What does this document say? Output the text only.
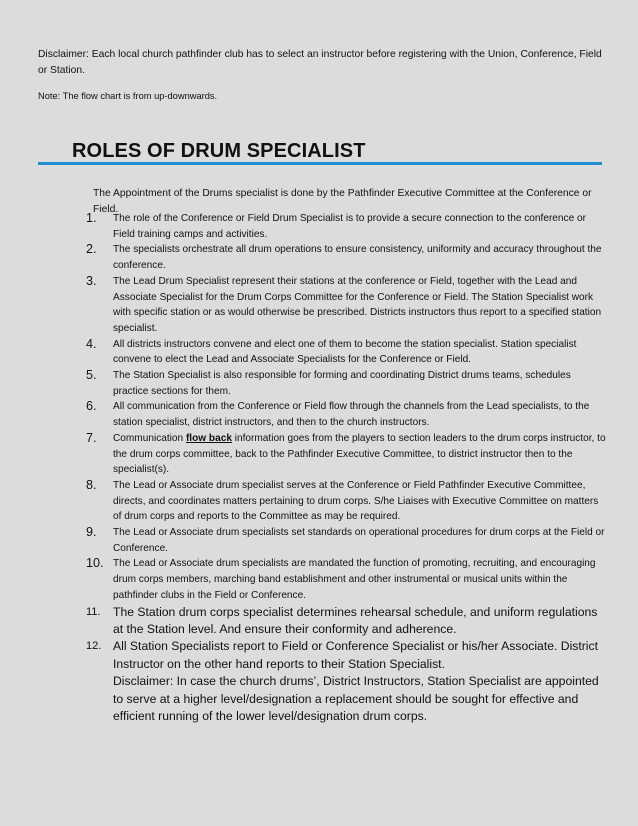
Disclaimer: Each local church pathfinder club has to select an instructor before registering with the Union, Conference, Field or Station.
Note: The flow chart is from up-downwards.
ROLES OF DRUM SPECIALIST
The Appointment of the Drums specialist is done by the Pathfinder Executive Committee at the Conference or Field.
1.	The role of the Conference or Field Drum Specialist is to provide a secure connection to the conference or Field training camps and activities.
2.	The specialists orchestrate all drum operations to ensure consistency, uniformity and accuracy throughout the conference.
3.	The Lead Drum Specialist represent their stations at the conference or Field, together with the Lead and Associate Specialist for the Drum Corps Committee for the Conference or Field. The Station Specialist work with specific station or as would otherwise be prescribed. Districts instructors thus report to a specified station specialist.
4.	All districts instructors convene and elect one of them to become the station specialist. Station specialist convene to elect the Lead and Associate Specialists for the Conference or Field.
5.	The Station Specialist is also responsible for forming and coordinating District drums teams, schedules practice sections for them.
6.	All communication from the Conference or Field flow through the channels from the Lead specialists, to the station specialist, district instructors, and then to the church instructors.
7.	Communication flow back information goes from the players to section leaders to the drum corps instructor, to the drum corps committee, back to the Pathfinder Executive Committee, to district instructor then to the specialist(s).
8.	The Lead or Associate drum specialist serves at the Conference or Field Pathfinder Executive Committee, directs, and coordinates matters pertaining to drum corps. S/he Liaises with Executive Committee on matters of drum corps and reports to the Committee as may be required.
9.	The Lead or Associate drum specialists set standards on operational procedures for drum corps at the Field or Conference.
10. The Lead or Associate drum specialists are mandated the function of promoting, recruiting, and encouraging drum corps members, marching band establishment and other instrumental or musical units within the pathfinder clubs in the Field or Conference.
11.	The Station drum corps specialist determines rehearsal schedule, and uniform regulations at the Station level. And ensure their conformity and adherence.
12. All Station Specialists report to Field or Conference Specialist or his/her Associate. District Instructor on the other hand reports to their Station Specialist.
Disclaimer: In case the church drums’, District Instructors, Station Specialist are appointed to serve at a higher level/designation a replacement should be sought for effective and efficient running of the lower level/designation drum corps.
